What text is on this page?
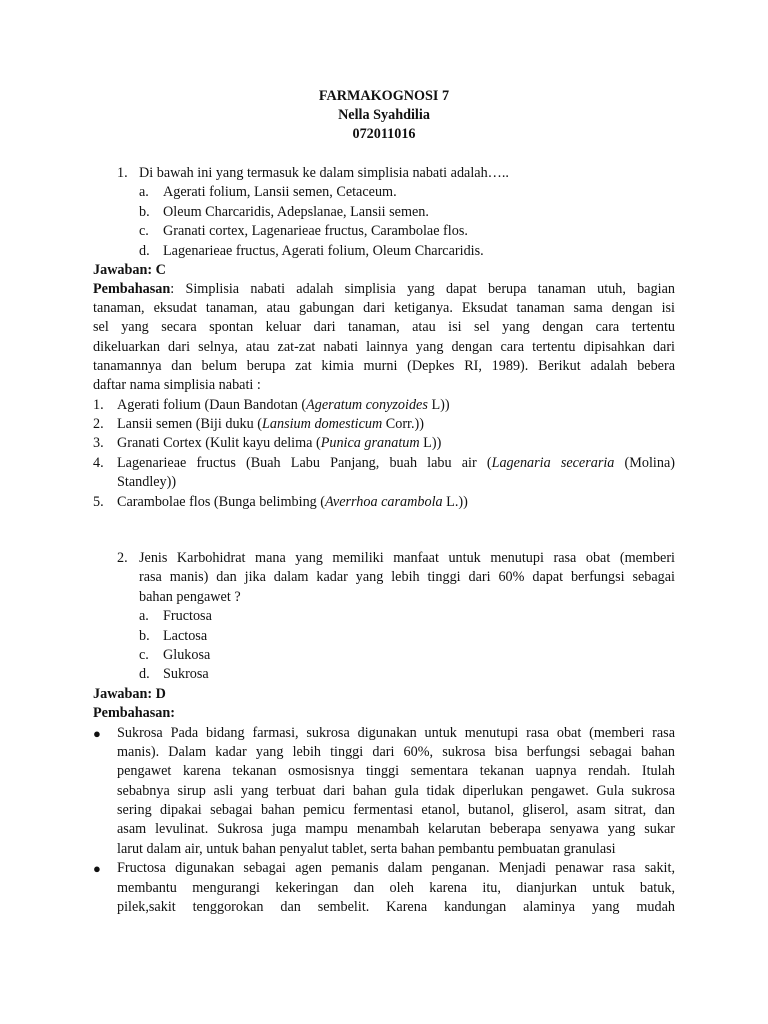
FARMAKOGNOSI 7
Nella Syahdilia
072011016
1. Di bawah ini yang termasuk ke dalam simplisia nabati adalah…..
a. Agerati folium, Lansii semen, Cetaceum.
b. Oleum Charcaridis, Adepslanae, Lansii semen.
c. Granati cortex, Lagenarieae fructus, Carambolae flos.
d. Lagenarieae fructus, Agerati folium, Oleum Charcaridis.
Jawaban: C
Pembahasan: Simplisia nabati adalah simplisia yang dapat berupa tanaman utuh, bagian
tanaman, eksudat tanaman, atau gabungan dari ketiganya. Eksudat tanaman sama dengan isi
sel yang secara spontan keluar dari tanaman, atau isi sel yang dengan cara tertentu
dikeluarkan dari selnya, atau zat-zat nabati lainnya yang dengan cara tertentu dipisahkan dari
tanamannya dan belum berupa zat kimia murni (Depkes RI, 1989). Berikut adalah bebera
daftar nama simplisia nabati :
1. Agerati folium (Daun Bandotan (Ageratum conyzoides L))
2. Lansii semen (Biji duku (Lansium domesticum Corr.))
3. Granati Cortex (Kulit kayu delima (Punica granatum L))
4. Lagenarieae fructus (Buah Labu Panjang, buah labu air (Lagenaria seceraria (Molina)
Standley))
5. Carambolae flos (Bunga belimbing (Averrhoa carambola L.))
2. Jenis Karbohidrat mana yang memiliki manfaat untuk menutupi rasa obat (memberi
rasa manis) dan jika dalam kadar yang lebih tinggi dari 60% dapat berfungsi sebagai
bahan pengawet ?
a. Fructosa
b. Lactosa
c. Glukosa
d. Sukrosa
Jawaban: D
Pembahasan:
● Sukrosa Pada bidang farmasi, sukrosa digunakan untuk menutupi rasa obat (memberi rasa
manis). Dalam kadar yang lebih tinggi dari 60%, sukrosa bisa berfungsi sebagai bahan
pengawet karena tekanan osmosisnya tinggi sementara tekanan uapnya rendah. Itulah
sebabnya sirup asli yang terbuat dari bahan gula tidak diperlukan pengawet. Gula sukrosa
sering dipakai sebagai bahan pemicu fermentasi etanol, butanol, gliserol, asam sitrat, dan
asam levulinat. Sukrosa juga mampu menambah kelarutan beberapa senyawa yang sukar
larut dalam air, untuk bahan penyalut tablet, serta bahan pembantu pembuatan granulasi
● Fructosa digunakan sebagai agen pemanis dalam penganan. Menjadi penawar rasa sakit,
membantu mengurangi kekeringan dan oleh karena itu, dianjurkan untuk batuk,
pilek,sakit tenggorokan dan sembelit. Karena kandungan alaminya yang mudah
